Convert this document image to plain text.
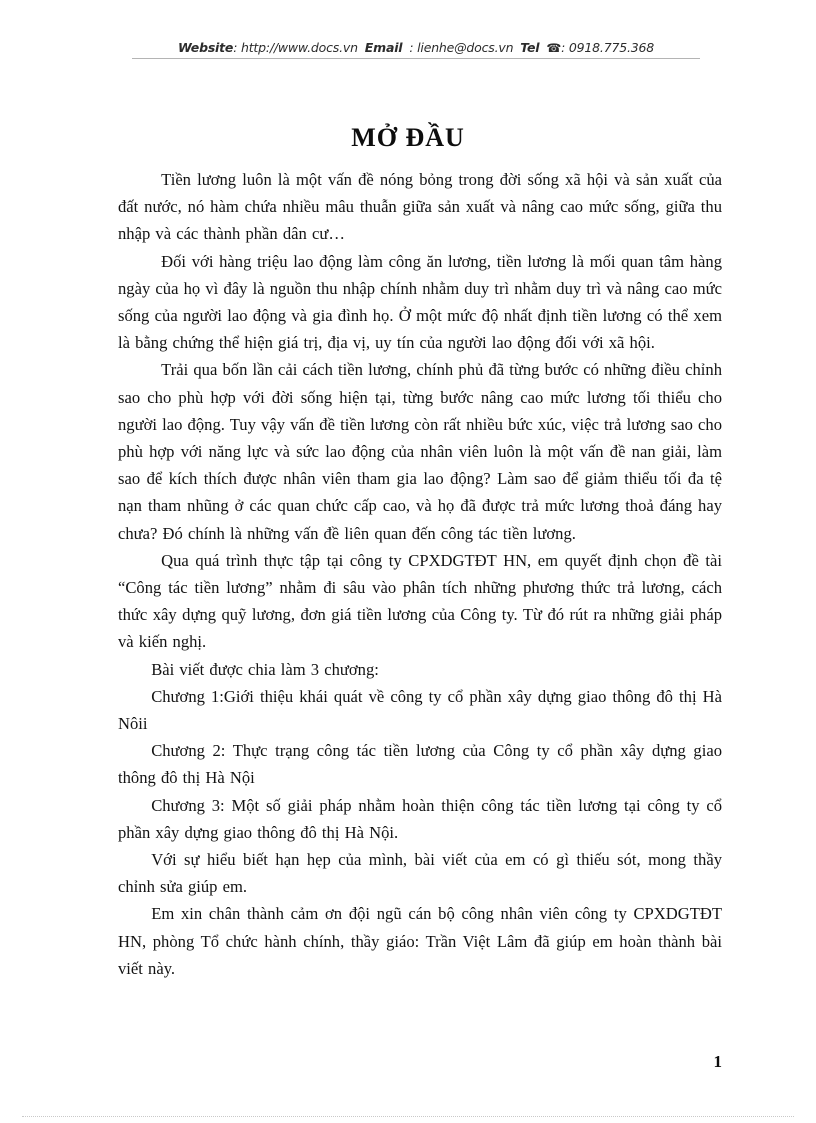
Website: http://www.docs.vn Email : lienhe@docs.vn Tel ☎: 0918.775.368
MỞ ĐẦU

Tiền lương luôn là một vấn đề nóng bỏng trong đời sống xã hội và sản xuất của đất nước, nó hàm chứa nhiều mâu thuẫn giữa sản xuất và nâng cao mức sống, giữa thu nhập và các thành phần dân cư…

Đối với hàng triệu lao động làm công ăn lương, tiền lương là mối quan tâm hàng ngày của họ vì đây là nguồn thu nhập chính nhằm duy trì nhằm duy trì và nâng cao mức sống của người lao động và gia đình họ. Ở một mức độ nhất định tiền lương có thể xem là bằng chứng thể hiện giá trị, địa vị, uy tín của người lao động đối với xã hội.

Trải qua bốn lần cải cách tiền lương, chính phủ đã từng bước có những điều chỉnh sao cho phù hợp với đời sống hiện tại, từng bước nâng cao mức lương tối thiểu cho người lao động. Tuy vậy vấn đề tiền lương còn rất nhiều bức xúc, việc trả lương sao cho phù hợp với năng lực và sức lao động của nhân viên luôn là một vấn đề nan giải, làm sao để kích thích được nhân viên tham gia lao động? Làm sao để giảm thiểu tối đa tệ nạn tham nhũng ở các quan chức cấp cao, và họ đã được trả mức lương thoả đáng hay chưa? Đó chính là những vấn đề liên quan đến công tác tiền lương.

Qua quá trình thực tập tại công ty CPXDGTĐT HN, em quyết định chọn đề tài “Công tác tiền lương” nhằm đi sâu vào phân tích những phương thức trả lương, cách thức xây dựng quỹ lương, đơn giá tiền lương của Công ty. Từ đó rút ra những giải pháp và kiến nghị.

Bài viết được chia làm 3 chương:

Chương 1:Giới thiệu khái quát về công ty cổ phần xây dựng giao thông đô thị Hà Nôii

Chương 2: Thực trạng công tác tiền lương của Công ty cổ phần xây dựng giao thông đô thị Hà Nội

Chương 3: Một số giải pháp nhằm hoàn thiện công tác tiền lương tại công ty cổ phần xây dựng giao thông đô thị Hà Nội.

Với sự hiểu biết hạn hẹp của mình, bài viết của em có gì thiếu sót, mong thầy chỉnh sửa giúp em.

Em xin chân thành cảm ơn đội ngũ cán bộ công nhân viên công ty CPXDGTĐT HN, phòng Tổ chức hành chính, thầy giáo: Trần Việt Lâm đã giúp em hoàn thành bài viết này.

1
